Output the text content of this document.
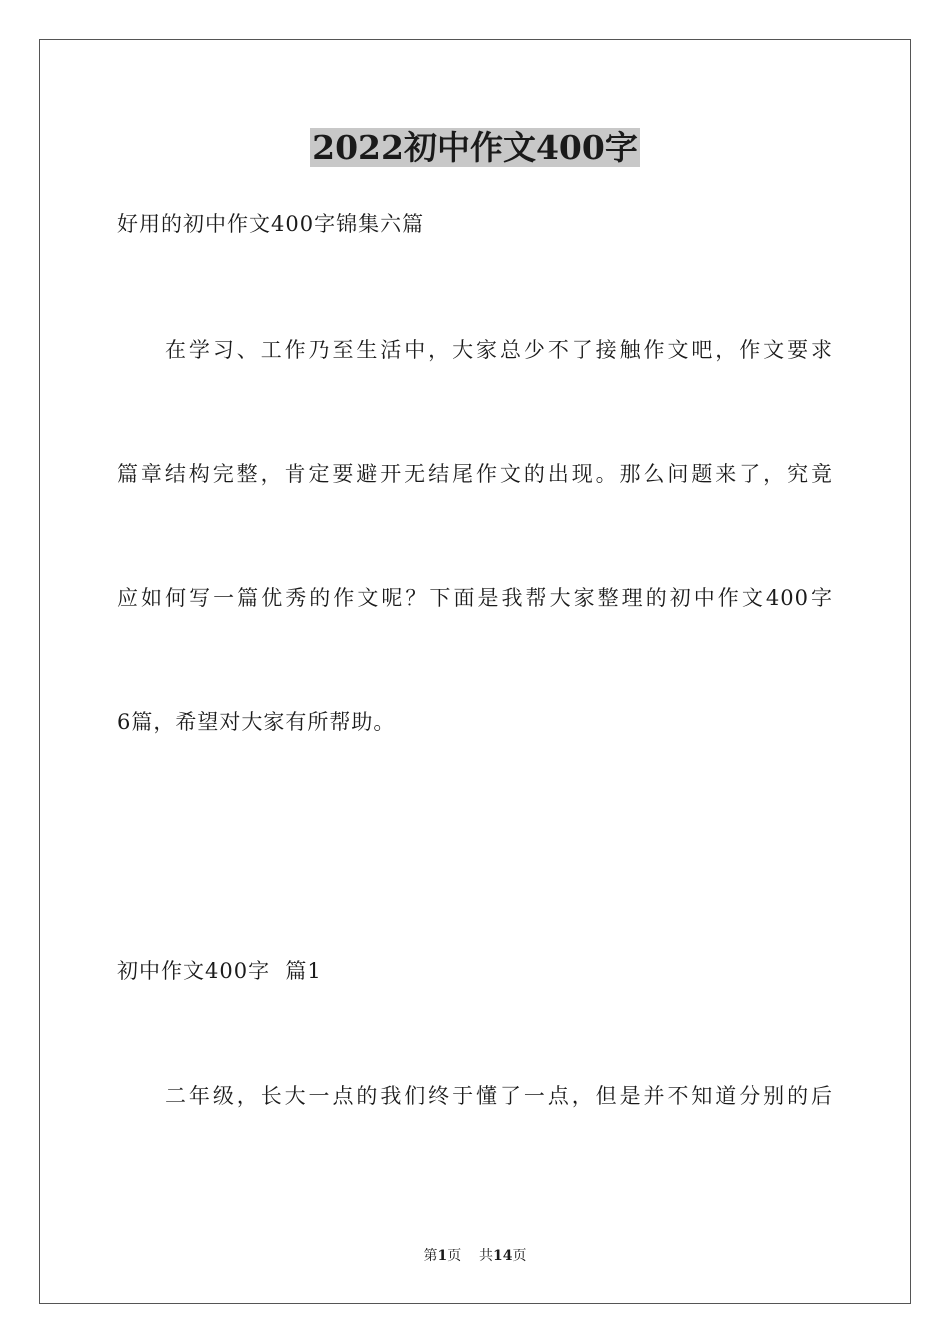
2022初中作文400字

好用的初中作文400字锦集六篇

在学习、工作乃至生活中，大家总少不了接触作文吧，作文要求

篇章结构完整，肯定要避开无结尾作文的出现。那么问题来了，究竟

应如何写一篇优秀的作文呢？下面是我帮大家整理的初中作文400字

6篇，希望对大家有所帮助。

初中作文400字  篇1

二年级，长大一点的我们终于懂了一点，但是并不知道分别的后

第1页 共14页
